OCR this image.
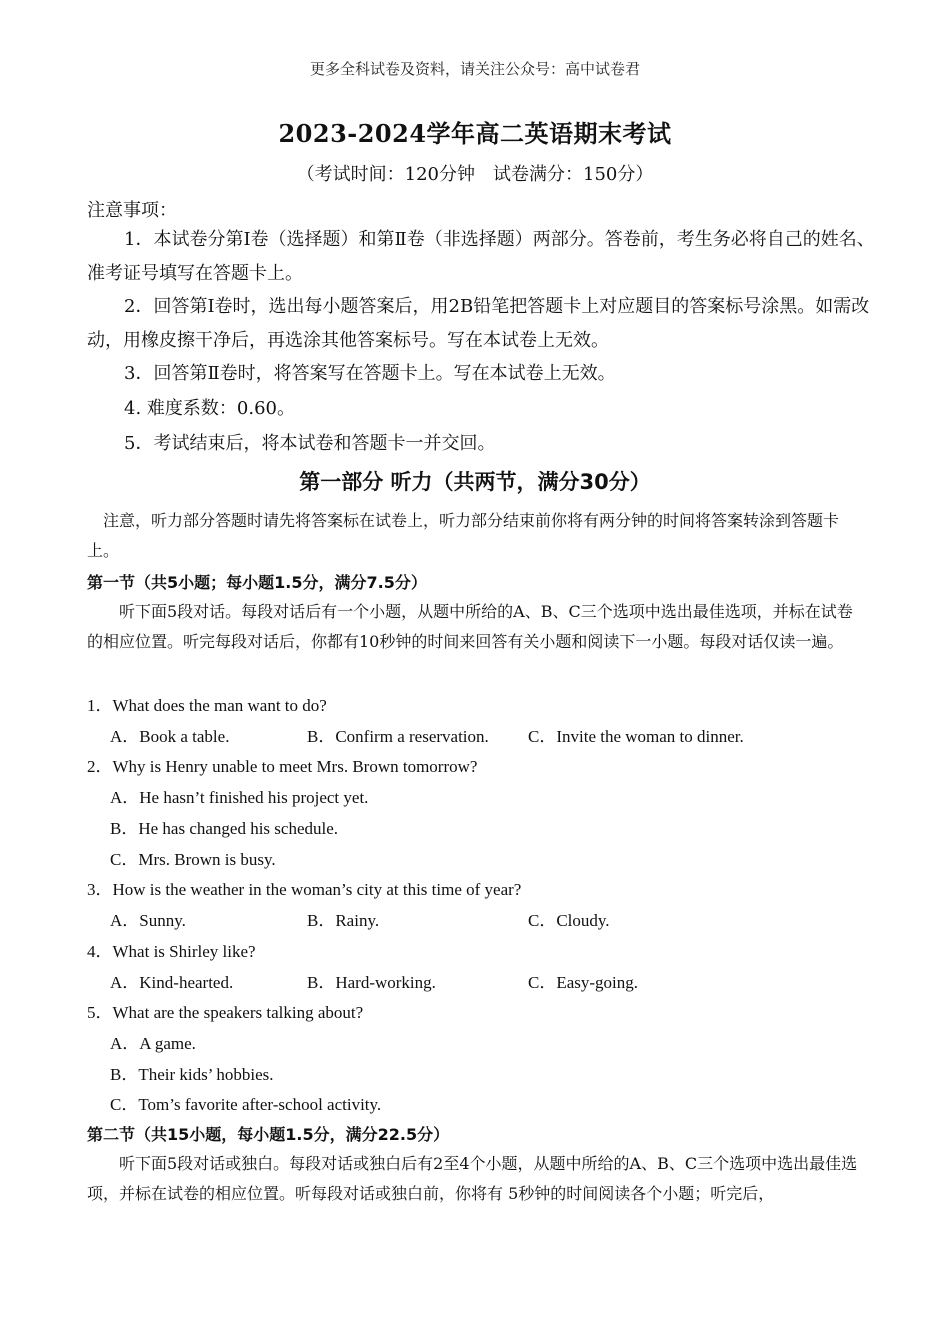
更多全科试卷及资料，请关注公众号：高中试卷君
2023-2024学年高二英语期末考试
（考试时间：120分钟　试卷满分：150分）
注意事项：
1．本试卷分第Ⅰ卷（选择题）和第Ⅱ卷（非选择题）两部分。答卷前，考生务必将自己的姓名、准考证号填写在答题卡上。
2．回答第Ⅰ卷时，选出每小题答案后，用2B铅笔把答题卡上对应题目的答案标号涂黑。如需改动，用橡皮擦干净后，再选涂其他答案标号。写在本试卷上无效。
3．回答第Ⅱ卷时，将答案写在答题卡上。写在本试卷上无效。
4. 难度系数：0.60。
5．考试结束后，将本试卷和答题卡一并交回。
第一部分 听力（共两节，满分30分）
注意，听力部分答题时请先将答案标在试卷上，听力部分结束前你将有两分钟的时间将答案转涂到答题卡上。
第一节（共5小题；每小题1.5分，满分7.5分）
听下面5段对话。每段对话后有一个小题，从题中所给的A、B、C三个选项中选出最佳选项，并标在试卷的相应位置。听完每段对话后，你都有10秒钟的时间来回答有关小题和阅读下一小题。每段对话仅读一遍。
1．What does the man want to do?
A．Book a table.	B．Confirm a reservation. C．Invite the woman to dinner.
2．Why is Henry unable to meet Mrs. Brown tomorrow?
A．He hasn’t finished his project yet.
B．He has changed his schedule.
C．Mrs. Brown is busy.
3．How is the weather in the woman’s city at this time of year?
A．Sunny.	B．Rainy.	C．Cloudy.
4．What is Shirley like?
A．Kind-hearted.	B．Hard-working.	C．Easy-going.
5．What are the speakers talking about?
A．A game.
B．Their kids’ hobbies.
C．Tom’s favorite after-school activity.
第二节（共15小题，每小题1.5分，满分22.5分）
听下面5段对话或独白。每段对话或独白后有2至4个小题，从题中所给的A、B、C三个选项中选出最佳选项，并标在试卷的相应位置。听每段对话或独白前，你将有 5秒钟的时间阅读各个小题；听完后，
